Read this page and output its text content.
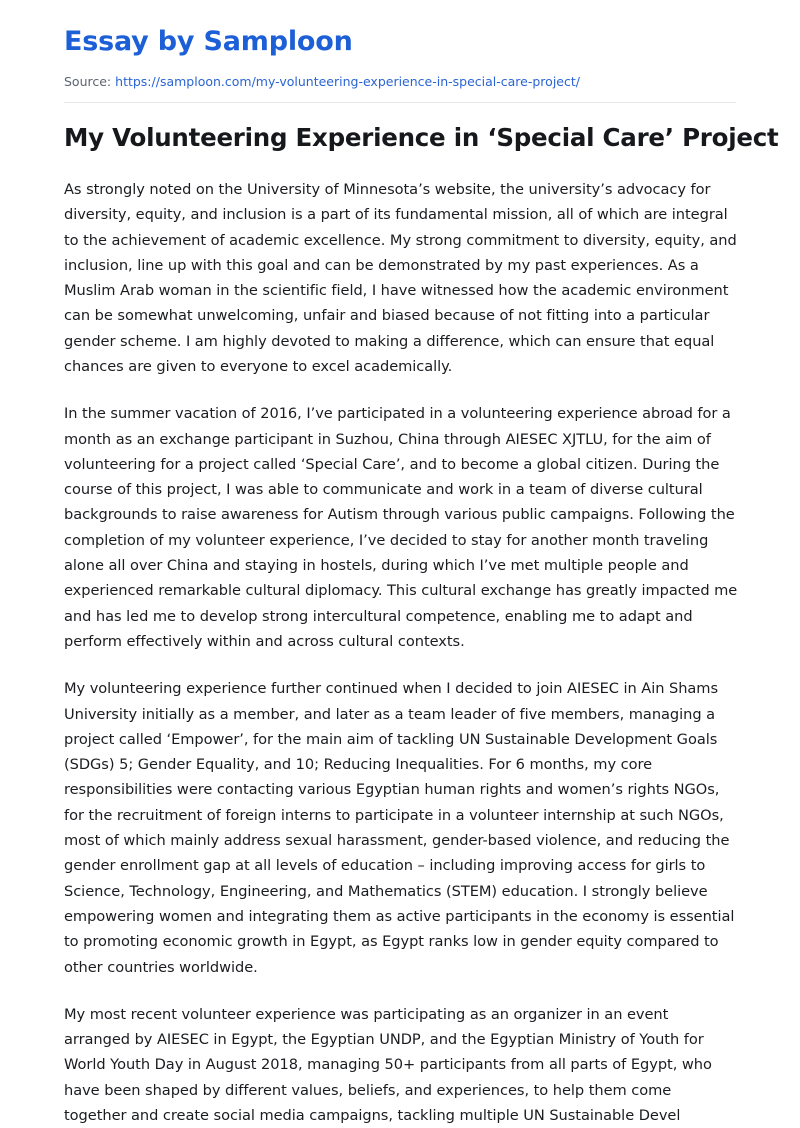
Essay by Samploon
Source: https://samploon.com/my-volunteering-experience-in-special-care-project/
My Volunteering Experience in ‘Special Care’ Project

As strongly noted on the University of Minnesota’s website, the university’s advocacy for diversity, equity, and inclusion is a part of its fundamental mission, all of which are integral to the achievement of academic excellence. My strong commitment to diversity, equity, and inclusion, line up with this goal and can be demonstrated by my past experiences. As a Muslim Arab woman in the scientific field, I have witnessed how the academic environment can be somewhat unwelcoming, unfair and biased because of not fitting into a particular gender scheme. I am highly devoted to making a difference, which can ensure that equal chances are given to everyone to excel academically.

In the summer vacation of 2016, I’ve participated in a volunteering experience abroad for a month as an exchange participant in Suzhou, China through AIESEC XJTLU, for the aim of volunteering for a project called ‘Special Care’, and to become a global citizen. During the course of this project, I was able to communicate and work in a team of diverse cultural backgrounds to raise awareness for Autism through various public campaigns. Following the completion of my volunteer experience, I’ve decided to stay for another month traveling alone all over China and staying in hostels, during which I’ve met multiple people and experienced remarkable cultural diplomacy. This cultural exchange has greatly impacted me and has led me to develop strong intercultural competence, enabling me to adapt and perform effectively within and across cultural contexts.

My volunteering experience further continued when I decided to join AIESEC in Ain Shams University initially as a member, and later as a team leader of five members, managing a project called ‘Empower’, for the main aim of tackling UN Sustainable Development Goals (SDGs) 5; Gender Equality, and 10; Reducing Inequalities. For 6 months, my core responsibilities were contacting various Egyptian human rights and women’s rights NGOs, for the recruitment of foreign interns to participate in a volunteer internship at such NGOs, most of which mainly address sexual harassment, gender-based violence, and reducing the gender enrollment gap at all levels of education – including improving access for girls to Science, Technology, Engineering, and Mathematics (STEM) education. I strongly believe empowering women and integrating them as active participants in the economy is essential to promoting economic growth in Egypt, as Egypt ranks low in gender equity compared to other countries worldwide.

My most recent volunteer experience was participating as an organizer in an event arranged by AIESEC in Egypt, the Egyptian UNDP, and the Egyptian Ministry of Youth for World Youth Day in August 2018, managing 50+ participants from all parts of Egypt, who have been shaped by different values, beliefs, and experiences, to help them come together and create social media campaigns, tackling multiple UN Sustainable Devel
